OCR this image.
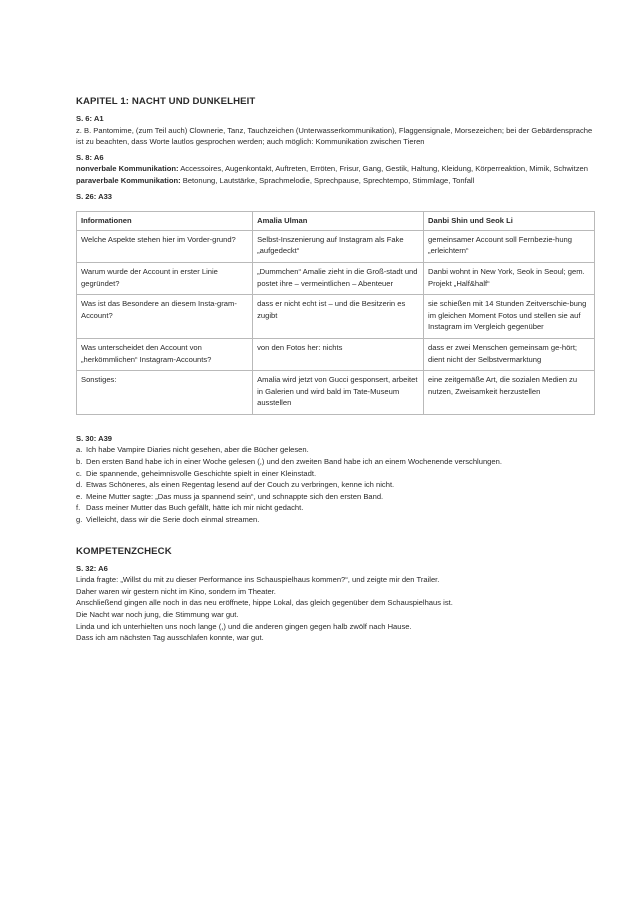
KAPITEL 1: NACHT UND DUNKELHEIT

S. 6: A1

z. B. Pantomime, (zum Teil auch) Clownerie, Tanz, Tauchzeichen (Unterwasserkommunikation), Flaggensignale, Morsezeichen; bei der Gebärdensprache ist zu beachten, dass Worte lautlos gesprochen werden; auch möglich: Kommunikation zwischen Tieren

S. 8: A6

nonverbale Kommunikation: Accessoires, Augenkontakt, Auftreten, Erröten, Frisur, Gang, Gestik, Haltung, Kleidung, Körperreaktion, Mimik, Schwitzen

paraverbale Kommunikation: Betonung, Lautstärke, Sprachmelodie, Sprechpause, Sprechtempo, Stimmlage, Tonfall

S. 26: A33

Informationen	Amalia Ulman	Danbi Shin und Seok Li
Welche Aspekte stehen hier im Vorder-grund?	Selbst-Inszenierung auf Instagram als Fake „aufgedeckt“	gemeinsamer Account soll Fernbezie-hung „erleichtern“
Warum wurde der Account in erster Linie gegründet?	„Dummchen“ Amalie zieht in die Groß-stadt und postet ihre – vermeintlichen – Abenteuer	Danbi wohnt in New York, Seok in Seoul; gem. Projekt „Half&half“
Was ist das Besondere an diesem Insta-gram-Account?	dass er nicht echt ist – und die Besitzerin es zugibt	sie schießen mit 14 Stunden Zeitverschie-bung im gleichen Moment Fotos und stellen sie auf Instagram im Vergleich gegenüber
Was unterscheidet den Account von „herkömmlichen“ Instagram-Accounts?	von den Fotos her: nichts	dass er zwei Menschen gemeinsam ge-hört; dient nicht der Selbstvermarktung
Sonstiges:	Amalia wird jetzt von Gucci gesponsert, arbeitet in Galerien und wird bald im Tate-Museum ausstellen	eine zeitgemäße Art, die sozialen Medien zu nutzen, Zweisamkeit herzustellen

S. 30: A39

a. Ich habe Vampire Diaries nicht gesehen, aber die Bücher gelesen.
b. Den ersten Band habe ich in einer Woche gelesen (,) und den zweiten Band habe ich an einem Wochenende verschlungen.
c. Die spannende, geheimnisvolle Geschichte spielt in einer Kleinstadt.
d. Etwas Schöneres, als einen Regentag lesend auf der Couch zu verbringen, kenne ich nicht.
e. Meine Mutter sagte: „Das muss ja spannend sein“, und schnappte sich den ersten Band.
f. Dass meiner Mutter das Buch gefällt, hätte ich mir nicht gedacht.
g. Vielleicht, dass wir die Serie doch einmal streamen.
KOMPETENZCHECK

S. 32: A6

Linda fragte: „Willst du mit zu dieser Performance ins Schauspielhaus kommen?“, und zeigte mir den Trailer.

Daher waren wir gestern nicht im Kino, sondern im Theater.

Anschließend gingen alle noch in das neu eröffnete, hippe Lokal, das gleich gegenüber dem Schauspielhaus ist.

Die Nacht war noch jung, die Stimmung war gut.

Linda und ich unterhielten uns noch lange (,) und die anderen gingen gegen halb zwölf nach Hause.

Dass ich am nächsten Tag ausschlafen konnte, war gut.
